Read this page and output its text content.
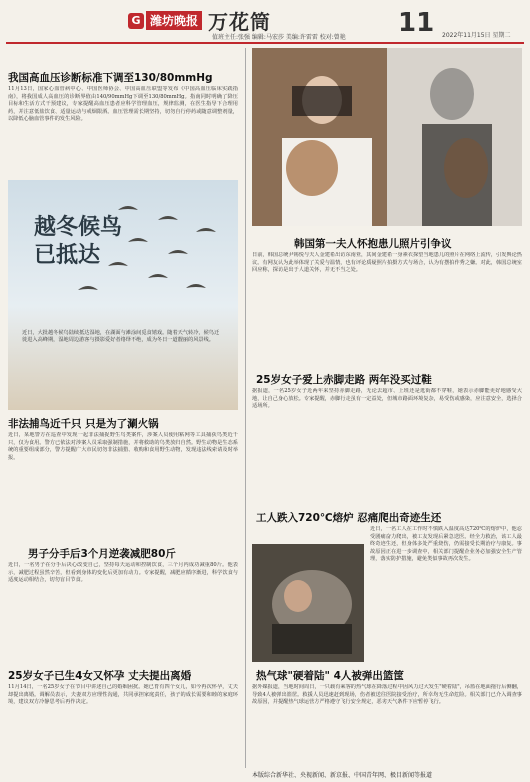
G 潍坊晚报 万花筒
值班主任:张强 编辑:马宏莎 美编:许雷雷 校对:曾艳 11 2022年11月15日 星期二
我国高血压诊断标准下调至130/80mmHg
11月13日，国家心血管病中心、中国医师协会、中国高血压联盟等发布《中国高血压临床实践指南》，将我国成人高血压的诊断界值由140/90mmHg下调至130/80mmHg。指南同时明确了降压目标和生活方式干预建议，专家提醒高血压患者应科学管理血压，规律监测，在医生指导下合理用药，并注意低盐饮食、适量运动与戒烟限酒。血压管理需长期坚持，切勿自行停药或随意调整剂量，以降低心脑血管事件的发生风险。
越冬候鸟
已抵达
近日，大批越冬候鸟陆续抵达湿地，在湖面与滩涂间觅食嬉戏。随着天气转冷，候鸟迁徙进入高峰期，湿地周边游客与摄影爱好者络绎不绝，成为冬日一道靓丽的风景线。
非法捕鸟近千只 只是为了涮火锅
近日，某地警方在巡查中发现一起非法捕捉野生鸟类案件，涉案人员使用粘网等工具捕获鸟类近千只，仅为食用。警方已依法对涉案人员采取强制措施，并将救助的鸟类放归自然。野生动物是生态系统的重要组成部分，警方提醒广大市民切勿非法捕猎、收购和食用野生动物，发现违法线索请及时举报。
男子分手后3个月逆袭减肥80斤
近日，一名男子在分手后决心改变自己，坚持每天运动和控制饮食，三个月内成功减重80斤。他表示，减肥过程虽然辛苦，但看到身体的变化后更加有动力。专家提醒，减肥应循序渐进，科学饮食与适度运动相结合，切勿盲目节食。
25岁女子已生4女又怀孕 丈夫提出离婚
11月14日，一名25岁女子在节目中讲述自己的婚姻困扰。她已育有四个女儿，如今再次怀孕，丈夫却提出离婚。调解员表示，夫妻双方应理性沟通，共同承担家庭责任，孩子的成长需要和睦的家庭环境，建议双方冷静思考后再作决定。
韩国第一夫人怀抱患儿照片引争议
日前，韩国总统尹锡悦与夫人金建希出访东南亚，其间金建希一身素衣探望当地患儿的照片在网络上流传，引发舆论热议。有网友认为此举体现了关爱与温情，也有评论质疑照片拍摄方式与场合，认为有摆拍作秀之嫌。对此，韩国总统室回应称，探访是出于人道关怀，并无不当之处。
25岁女子爱上赤脚走路 两年没买过鞋
据报道，一名25岁女子近两年来坚持赤脚走路，无论去超市、上班还是逛街都不穿鞋，她表示赤脚能更好地感受大地，让自己身心放松。专家提醒，赤脚行走虽有一定益处，但城市路面环境复杂，易受伤或感染，应注意安全，选择合适场所。
工人跌入720℃熔炉 忍痛爬出奇迹生还
近日，一名工人在工作时不慎跌入温度高达720℃的熔炉中，他忍受剧痛奋力爬出，被工友发现后紧急送医。经全力救治，该工人最终奇迹生还，但身体多处严重烧伤，仍需接受长期治疗与康复。事故原因正在进一步调查中，相关部门提醒企业务必加强安全生产管理，落实防护措施，避免类似事故再次发生。
热气球"硬着陆" 4人被弹出篮筐
据外媒报道，当地时间周日，一只载有乘客的热气球在降落过程中因风力过大发生"硬着陆"，吊篮在地面拖行后侧翻，导致4人被弹出篮筐。救援人员迅速赶到现场，伤者被送往医院接受治疗，所幸均无生命危险。相关部门已介入调查事故原因，并提醒热气球运营方严格遵守飞行安全规定，恶劣天气条件下应暂停飞行。
本版综合新华社、央视新闻、新京报、中国青年网、极目新闻等报道
